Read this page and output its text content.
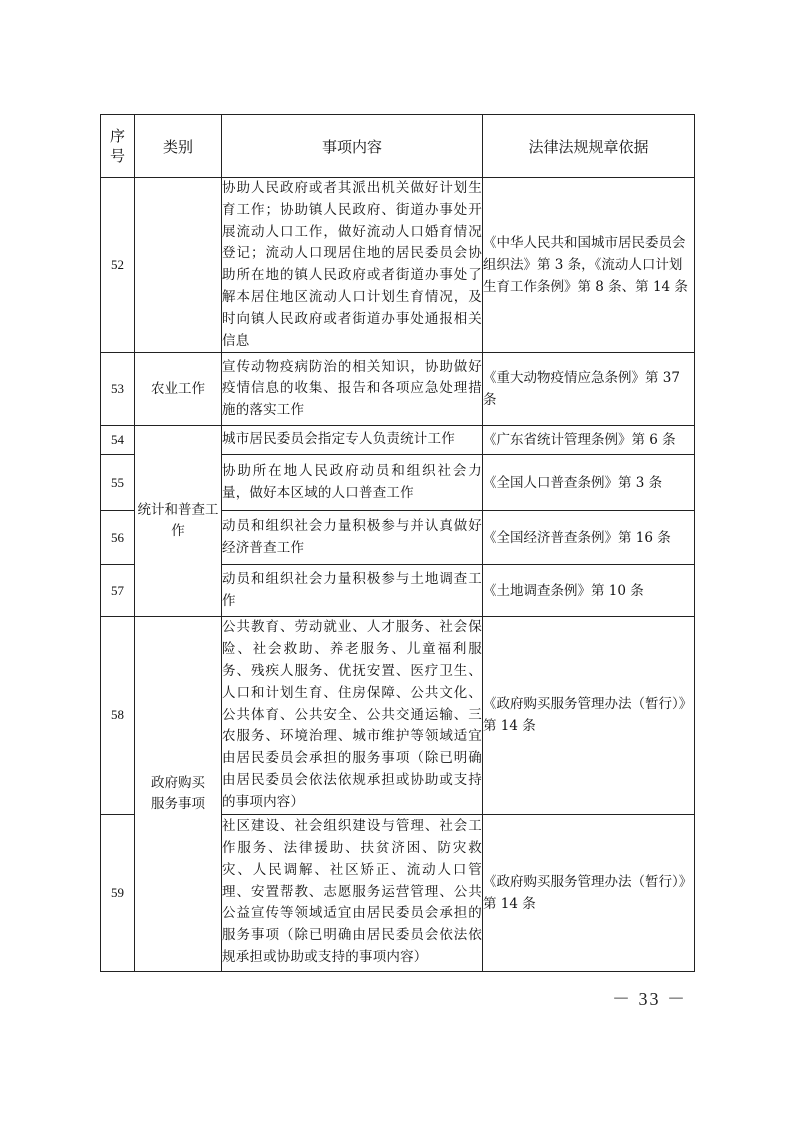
序号	类别	事项内容	法律法规规章依据
52		协助人民政府或者其派出机关做好计划生育工作；协助镇人民政府、街道办事处开展流动人口工作，做好流动人口婚育情况登记；流动人口现居住地的居民委员会协助所在地的镇人民政府或者街道办事处了解本居住地区流动人口计划生育情况，及时向镇人民政府或者街道办事处通报相关信息	《中华人民共和国城市居民委员会组织法》第 3 条，《流动人口计划生育工作条例》第 8 条、第 14 条
53	农业工作	宣传动物疫病防治的相关知识，协助做好疫情信息的收集、报告和各项应急处理措施的落实工作	《重大动物疫情应急条例》第 37 条
54	统计和普查工作	城市居民委员会指定专人负责统计工作	《广东省统计管理条例》第 6 条
55		协助所在地人民政府动员和组织社会力量，做好本区域的人口普查工作	《全国人口普查条例》第 3 条
56		动员和组织社会力量积极参与并认真做好经济普查工作	《全国经济普查条例》第 16 条
57		动员和组织社会力量积极参与土地调查工作	《土地调查条例》第 10 条
58	政府购买服务事项	公共教育、劳动就业、人才服务、社会保险、社会救助、养老服务、儿童福利服务、残疾人服务、优抚安置、医疗卫生、人口和计划生育、住房保障、公共文化、公共体育、公共安全、公共交通运输、三农服务、环境治理、城市维护等领域适宜由居民委员会承担的服务事项（除已明确由居民委员会依法依规承担或协助或支持的事项内容）	《政府购买服务管理办法（暂行）》第 14 条
59		社区建设、社会组织建设与管理、社会工作服务、法律援助、扶贫济困、防灾救灾、人民调解、社区矫正、流动人口管理、安置帮教、志愿服务运营管理、公共公益宣传等领域适宜由居民委员会承担的服务事项（除已明确由居民委员会依法依规承担或协助或支持的事项内容）	《政府购买服务管理办法（暂行）》第 14 条
－ 33 －
